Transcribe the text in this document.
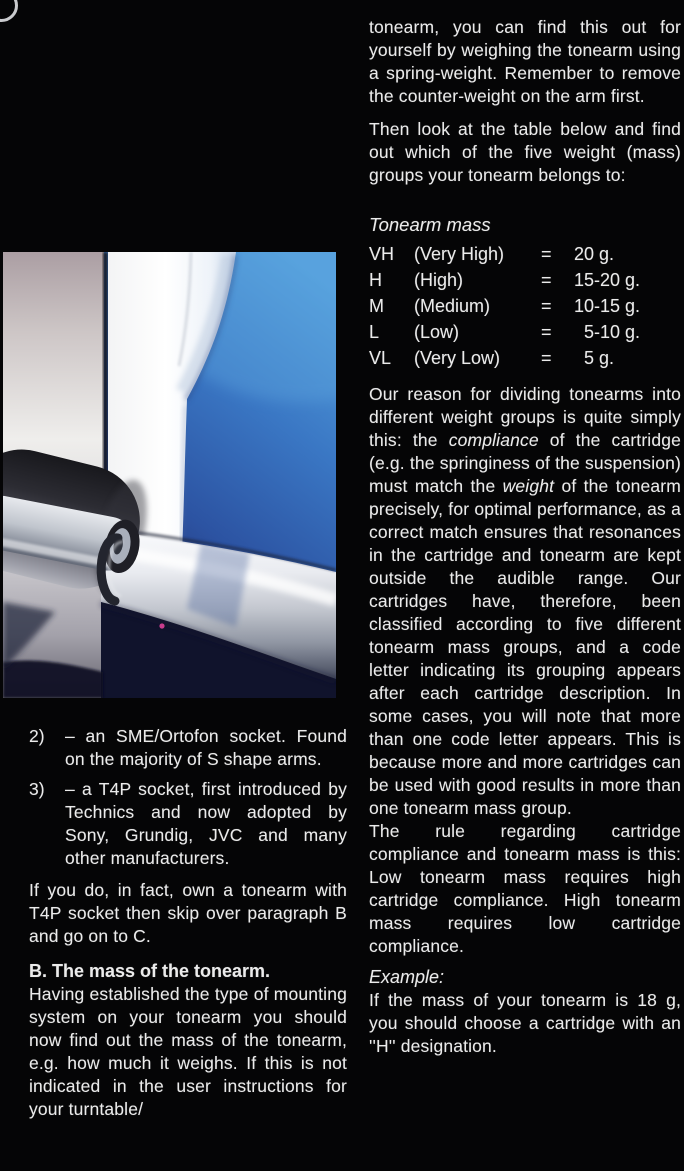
2)	– an SME/Ortofon socket. Found on the majority of S shape arms.
3)	– a T4P socket, first introduced by Technics and now adopted by Sony, Grundig, JVC and many other manufacturers.

If you do, in fact, own a tonearm with T4P socket then skip over paragraph B and go on to C.

B. The mass of the tonearm.

Having established the type of mounting system on your tonearm you should now find out the mass of the tonearm, e.g. how much it weighs. If this is not indicated in the user instructions for your turntable/

tonearm, you can find this out for yourself by weighing the tonearm using a spring-weight. Remember to remove the counter-weight on the arm first.

Then look at the table below and find out which of the five weight (mass) groups your tonearm belongs to:

Tonearm mass
VH	(Very High)	=	20 g.
H	(High)	=	15-20 g.
M	(Medium)	=	10-15 g.
L	(Low)	=	5-10 g.
VL	(Very Low)	=	5 g.

Our reason for dividing tonearms into different weight groups is quite simply this: the compliance of the cartridge (e.g. the springiness of the suspension) must match the weight of the tonearm precisely, for optimal performance, as a correct match ensures that resonances in the cartridge and tonearm are kept outside the audible range. Our cartridges have, therefore, been classified according to five different tonearm mass groups, and a code letter indicating its grouping appears after each cartridge description. In some cases, you will note that more than one code letter appears. This is because more and more cartridges can be used with good results in more than one tonearm mass group.

The rule regarding cartridge compliance and tonearm mass is this: Low tonearm mass requires high cartridge compliance. High tonearm mass requires low cartridge compliance.

Example:

If the mass of your tonearm is 18 g, you should choose a cartridge with an ''H'' designation.
